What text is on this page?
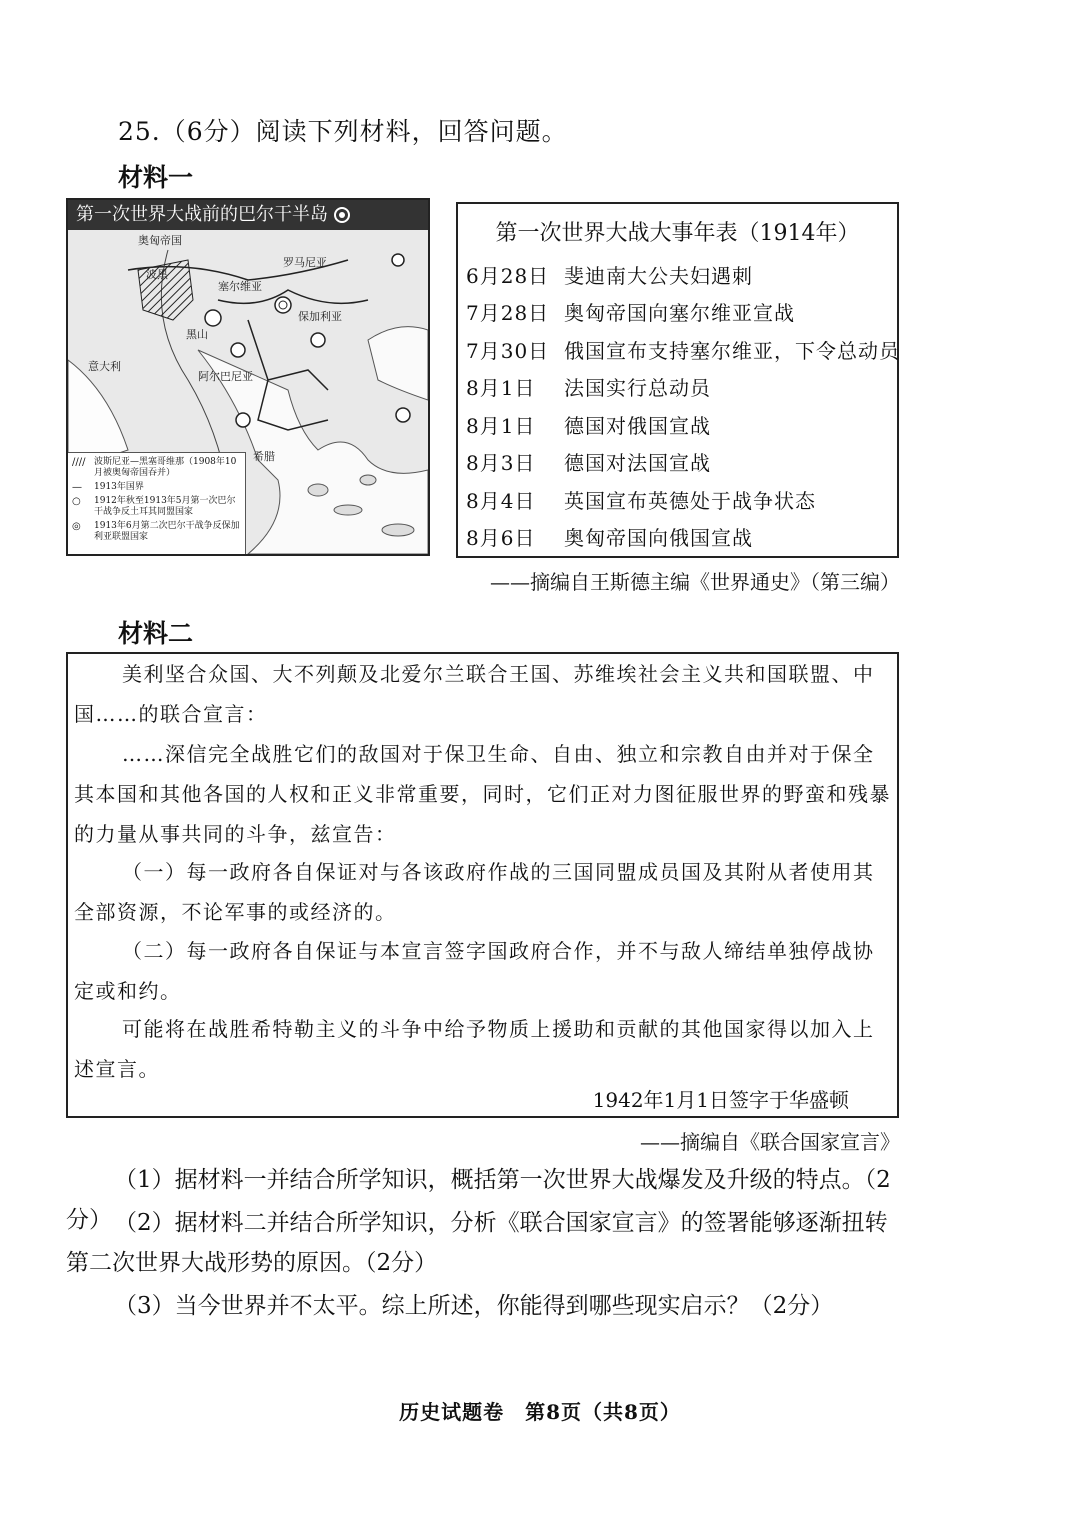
25.（6分）阅读下列材料，回答问题。
材料一
第一次世界大战前的巴尔干半岛
奥匈帝国
罗马尼亚
保加利亚
塞尔维亚
黑山
阿尔巴尼亚
希腊
意大利
波黑
//// 波斯尼亚—黑塞哥维那（1908年10月被奥匈帝国吞并）
—	1913年国界
○	1912年秋至1913年5月第一次巴尔干战争反土耳其同盟国家
◎	1913年6月第二次巴尔干战争反保加利亚联盟国家
第一次世界大战大事年表（1914年）
6月28日 斐迪南大公夫妇遇刺
7月28日 奥匈帝国向塞尔维亚宣战
7月30日 俄国宣布支持塞尔维亚，下令总动员
8月1日 法国实行总动员
8月1日 德国对俄国宣战
8月3日 德国对法国宣战
8月4日 英国宣布英德处于战争状态
8月6日 奥匈帝国向俄国宣战
——摘编自王斯德主编《世界通史》（第三编）
材料二
美利坚合众国、大不列颠及北爱尔兰联合王国、苏维埃社会主义共和国联盟、中国……的联合宣言：
……深信完全战胜它们的敌国对于保卫生命、自由、独立和宗教自由并对于保全其本国和其他各国的人权和正义非常重要，同时，它们正对力图征服世界的野蛮和残暴的力量从事共同的斗争，兹宣告：
（一）每一政府各自保证对与各该政府作战的三国同盟成员国及其附从者使用其全部资源，不论军事的或经济的。
（二）每一政府各自保证与本宣言签字国政府合作，并不与敌人缔结单独停战协定或和约。
可能将在战胜希特勒主义的斗争中给予物质上援助和贡献的其他国家得以加入上述宣言。
1942年1月1日签字于华盛顿
——摘编自《联合国家宣言》
（1）据材料一并结合所学知识，概括第一次世界大战爆发及升级的特点。（2分） （2）据材料二并结合所学知识，分析《联合国家宣言》的签署能够逐渐扭转第二次世界大战形势的原因。（2分）
（3）当今世界并不太平。综上所述，你能得到哪些现实启示？（2分）
历史试题卷　第8页（共8页）
